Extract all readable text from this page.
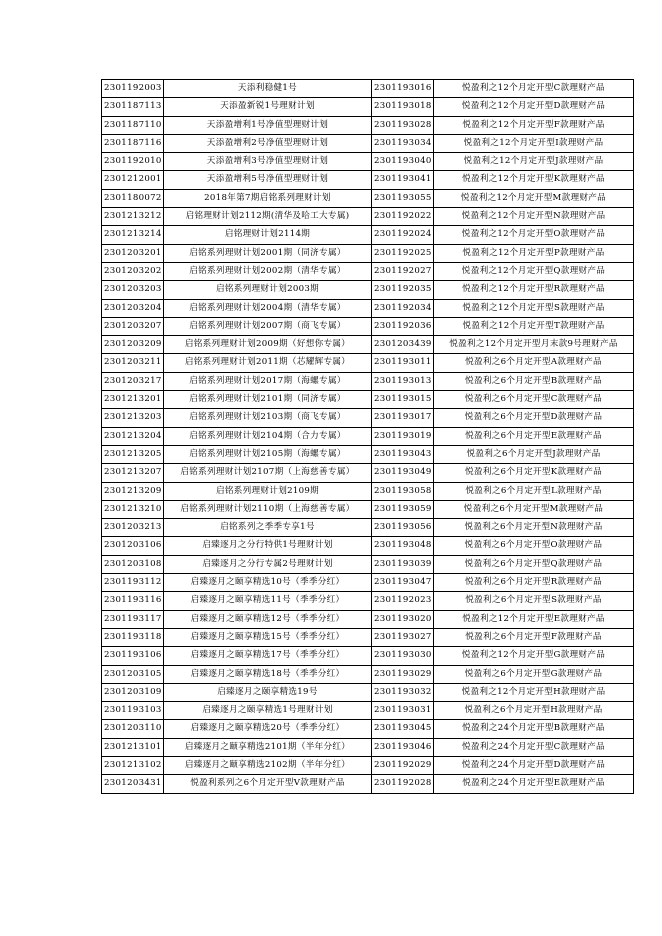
2301192003	天添利稳健1号	2301193016	悦盈利之12个月定开型C款理财产品
2301187113	天添盈新锐1号理财计划	2301193018	悦盈利之12个月定开型D款理财产品
2301187110	天添盈增利1号净值型理财计划	2301193028	悦盈利之12个月定开型F款理财产品
2301187116	天添盈增利2号净值型理财计划	2301193034	悦盈利之12个月定开型I款理财产品
2301192010	天添盈增利3号净值型理财计划	2301193040	悦盈利之12个月定开型J款理财产品
2301212001	天添盈增利5号净值型理财计划	2301193041	悦盈利之12个月定开型K款理财产品
2301180072	2018年第7期启铭系列理财计划	2301193055	悦盈利之12个月定开型M款理财产品
2301213212	启铭理财计划2112期(清华及哈工大专属)	2301192022	悦盈利之12个月定开型N款理财产品
2301213214	启铭理财计划2114期	2301192024	悦盈利之12个月定开型O款理财产品
2301203201	启铭系列理财计划2001期（同济专属）	2301192025	悦盈利之12个月定开型P款理财产品
2301203202	启铭系列理财计划2002期（清华专属）	2301192027	悦盈利之12个月定开型Q款理财产品
2301203203	启铭系列理财计划2003期	2301192035	悦盈利之12个月定开型R款理财产品
2301203204	启铭系列理财计划2004期（清华专属）	2301192034	悦盈利之12个月定开型S款理财产品
2301203207	启铭系列理财计划2007期（商飞专属）	2301192036	悦盈利之12个月定开型T款理财产品
2301203209	启铭系列理财计划2009期（好想你专属）	2301203439	悦盈利之12个月定开型月末款9号理财产品
2301203211	启铭系列理财计划2011期（芯耀辉专属）	2301193011	悦盈利之6个月定开型A款理财产品
2301203217	启铭系列理财计划2017期（海螺专属）	2301193013	悦盈利之6个月定开型B款理财产品
2301213201	启铭系列理财计划2101期（同济专属）	2301193015	悦盈利之6个月定开型C款理财产品
2301213203	启铭系列理财计划2103期（商飞专属）	2301193017	悦盈利之6个月定开型D款理财产品
2301213204	启铭系列理财计划2104期（合力专属）	2301193019	悦盈利之6个月定开型E款理财产品
2301213205	启铭系列理财计划2105期（海螺专属）	2301193043	悦盈利之6个月定开型J款理财产品
2301213207	启铭系列理财计划2107期（上海慈善专属）	2301193049	悦盈利之6个月定开型K款理财产品
2301213209	启铭系列理财计划2109期	2301193058	悦盈利之6个月定开型L款理财产品
2301213210	启铭系列理财计划2110期（上海慈善专属）	2301193059	悦盈利之6个月定开型M款理财产品
2301203213	启铭系列之季季专享1号	2301193056	悦盈利之6个月定开型N款理财产品
2301203106	启臻逐月之分行特供1号理财计划	2301193048	悦盈利之6个月定开型O款理财产品
2301203108	启臻逐月之分行专属2号理财计划	2301193039	悦盈利之6个月定开型Q款理财产品
2301193112	启臻逐月之颐享精选10号（季季分红）	2301193047	悦盈利之6个月定开型R款理财产品
2301193116	启臻逐月之颐享精选11号（季季分红）	2301192023	悦盈利之6个月定开型S款理财产品
2301193117	启臻逐月之颐享精选12号（季季分红）	2301193020	悦盈利之12个月定开型E款理财产品
2301193118	启臻逐月之颐享精选15号（季季分红）	2301193027	悦盈利之6个月定开型F款理财产品
2301193106	启臻逐月之颐享精选17号（季季分红）	2301193030	悦盈利之12个月定开型G款理财产品
2301203105	启臻逐月之颐享精选18号（季季分红）	2301193029	悦盈利之6个月定开型G款理财产品
2301203109	启臻逐月之颐享精选19号	2301193032	悦盈利之12个月定开型H款理财产品
2301193103	启臻逐月之颐享精选1号理财计划	2301193031	悦盈利之6个月定开型H款理财产品
2301203110	启臻逐月之颐享精选20号（季季分红）	2301193045	悦盈利之24个月定开型B款理财产品
2301213101	启臻逐月之颐享精选2101期（半年分红）	2301193046	悦盈利之24个月定开型C款理财产品
2301213102	启臻逐月之颐享精选2102期（半年分红）	2301192029	悦盈利之24个月定开型D款理财产品
2301203431	悦盈利系列之6个月定开型V款理财产品	2301192028	悦盈利之24个月定开型E款理财产品
